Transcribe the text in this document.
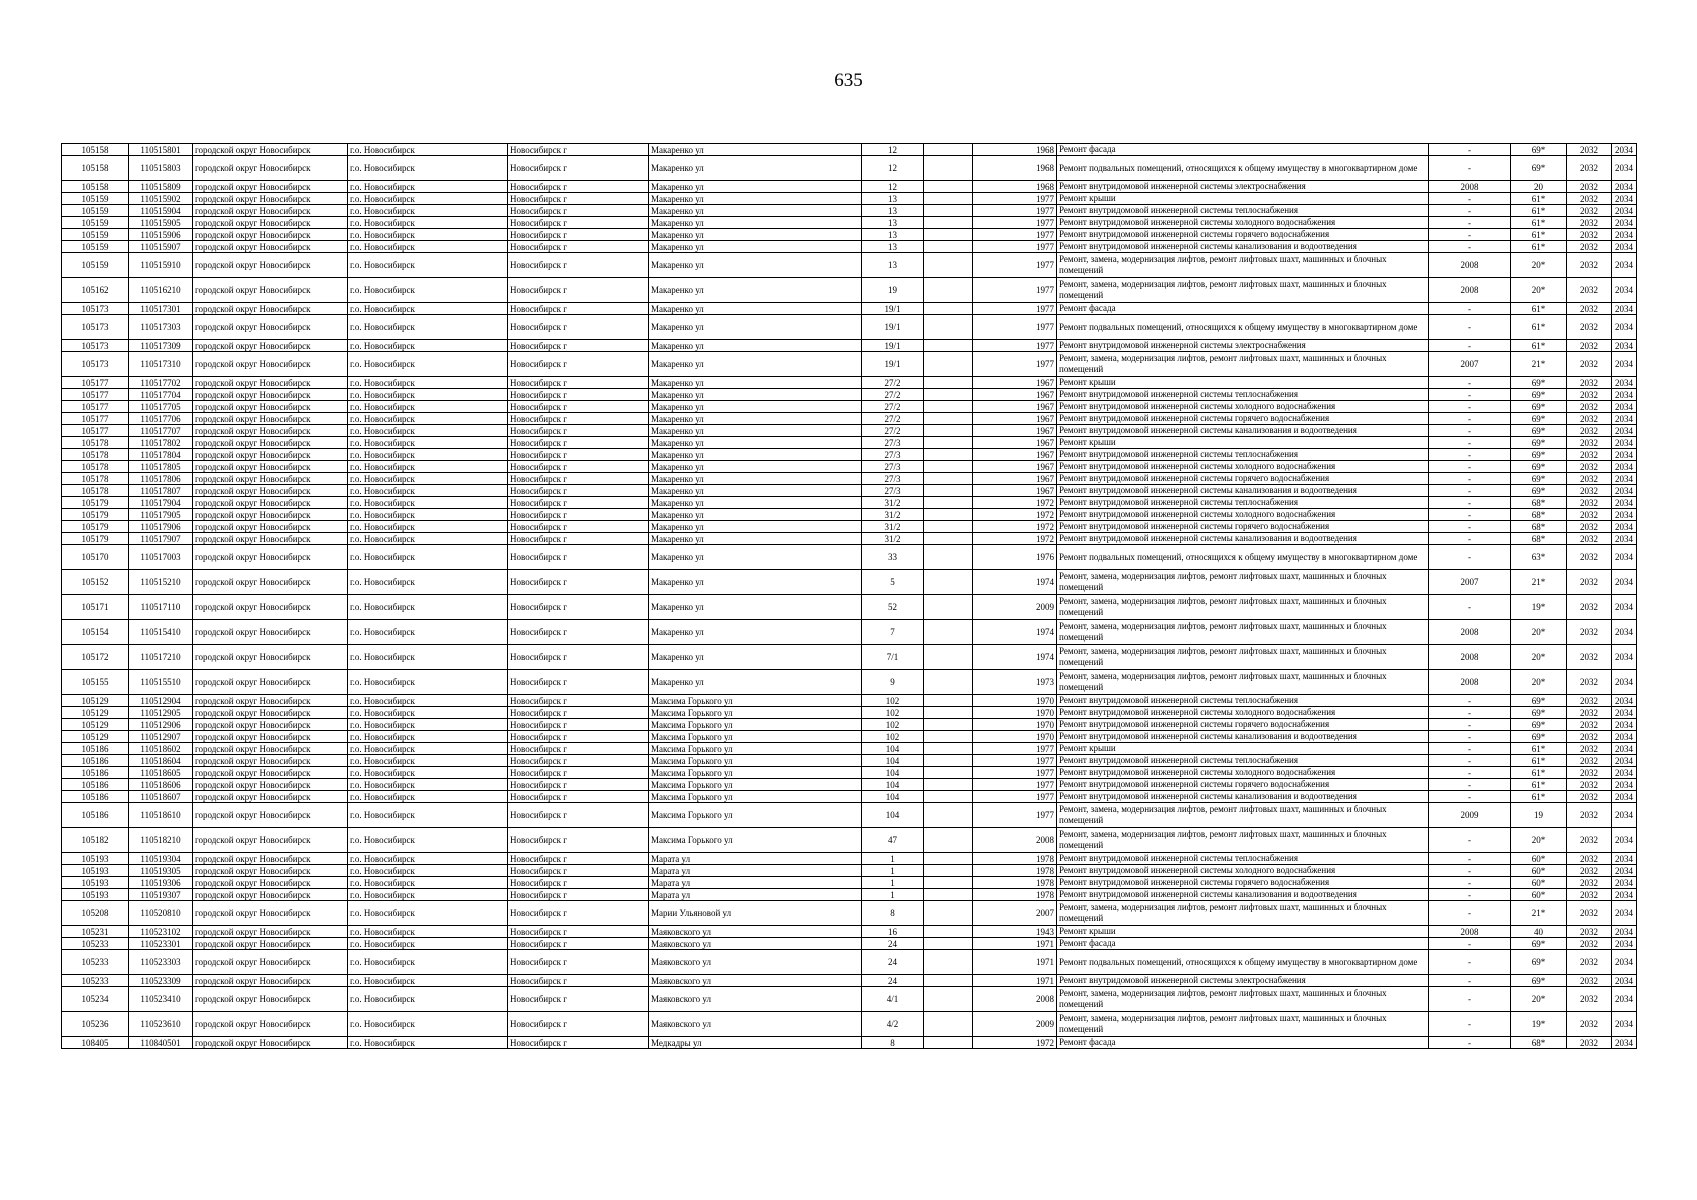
635
105158	110515801	городской округ Новосибирск	г.о. Новосибирск	Новосибирск г	Макаренко ул	12		1968	Ремонт фасада	-	69*	2032	2034
105158	110515803	городской округ Новосибирск	г.о. Новосибирск	Новосибирск г	Макаренко ул	12		1968	Ремонт подвальных помещений, относящихся к общему имуществу в многоквартирном доме	-	69*	2032	2034
105158	110515809	городской округ Новосибирск	г.о. Новосибирск	Новосибирск г	Макаренко ул	12		1968	Ремонт внутридомовой инженерной системы электроснабжения	2008	20	2032	2034
105159	110515902	городской округ Новосибирск	г.о. Новосибирск	Новосибирск г	Макаренко ул	13		1977	Ремонт крыши	-	61*	2032	2034
105159	110515904	городской округ Новосибирск	г.о. Новосибирск	Новосибирск г	Макаренко ул	13		1977	Ремонт внутридомовой инженерной системы теплоснабжения	-	61*	2032	2034
105159	110515905	городской округ Новосибирск	г.о. Новосибирск	Новосибирск г	Макаренко ул	13		1977	Ремонт внутридомовой инженерной системы холодного водоснабжения	-	61*	2032	2034
105159	110515906	городской округ Новосибирск	г.о. Новосибирск	Новосибирск г	Макаренко ул	13		1977	Ремонт внутридомовой инженерной системы горячего водоснабжения	-	61*	2032	2034
105159	110515907	городской округ Новосибирск	г.о. Новосибирск	Новосибирск г	Макаренко ул	13		1977	Ремонт внутридомовой инженерной системы канализования и водоотведения	-	61*	2032	2034
105159	110515910	городской округ Новосибирск	г.о. Новосибирск	Новосибирск г	Макаренко ул	13		1977	Ремонт, замена, модернизация лифтов, ремонт лифтовых шахт, машинных и блочных помещений	2008	20*	2032	2034
105162	110516210	городской округ Новосибирск	г.о. Новосибирск	Новосибирск г	Макаренко ул	19		1977	Ремонт, замена, модернизация лифтов, ремонт лифтовых шахт, машинных и блочных помещений	2008	20*	2032	2034
105173	110517301	городской округ Новосибирск	г.о. Новосибирск	Новосибирск г	Макаренко ул	19/1		1977	Ремонт фасада	-	61*	2032	2034
105173	110517303	городской округ Новосибирск	г.о. Новосибирск	Новосибирск г	Макаренко ул	19/1		1977	Ремонт подвальных помещений, относящихся к общему имуществу в многоквартирном доме	-	61*	2032	2034
105173	110517309	городской округ Новосибирск	г.о. Новосибирск	Новосибирск г	Макаренко ул	19/1		1977	Ремонт внутридомовой инженерной системы электроснабжения	-	61*	2032	2034
105173	110517310	городской округ Новосибирск	г.о. Новосибирск	Новосибирск г	Макаренко ул	19/1		1977	Ремонт, замена, модернизация лифтов, ремонт лифтовых шахт, машинных и блочных помещений	2007	21*	2032	2034
105177	110517702	городской округ Новосибирск	г.о. Новосибирск	Новосибирск г	Макаренко ул	27/2		1967	Ремонт крыши	-	69*	2032	2034
105177	110517704	городской округ Новосибирск	г.о. Новосибирск	Новосибирск г	Макаренко ул	27/2		1967	Ремонт внутридомовой инженерной системы теплоснабжения	-	69*	2032	2034
105177	110517705	городской округ Новосибирск	г.о. Новосибирск	Новосибирск г	Макаренко ул	27/2		1967	Ремонт внутридомовой инженерной системы холодного водоснабжения	-	69*	2032	2034
105177	110517706	городской округ Новосибирск	г.о. Новосибирск	Новосибирск г	Макаренко ул	27/2		1967	Ремонт внутридомовой инженерной системы горячего водоснабжения	-	69*	2032	2034
105177	110517707	городской округ Новосибирск	г.о. Новосибирск	Новосибирск г	Макаренко ул	27/2		1967	Ремонт внутридомовой инженерной системы канализования и водоотведения	-	69*	2032	2034
105178	110517802	городской округ Новосибирск	г.о. Новосибирск	Новосибирск г	Макаренко ул	27/3		1967	Ремонт крыши	-	69*	2032	2034
105178	110517804	городской округ Новосибирск	г.о. Новосибирск	Новосибирск г	Макаренко ул	27/3		1967	Ремонт внутридомовой инженерной системы теплоснабжения	-	69*	2032	2034
105178	110517805	городской округ Новосибирск	г.о. Новосибирск	Новосибирск г	Макаренко ул	27/3		1967	Ремонт внутридомовой инженерной системы холодного водоснабжения	-	69*	2032	2034
105178	110517806	городской округ Новосибирск	г.о. Новосибирск	Новосибирск г	Макаренко ул	27/3		1967	Ремонт внутридомовой инженерной системы горячего водоснабжения	-	69*	2032	2034
105178	110517807	городской округ Новосибирск	г.о. Новосибирск	Новосибирск г	Макаренко ул	27/3		1967	Ремонт внутридомовой инженерной системы канализования и водоотведения	-	69*	2032	2034
105179	110517904	городской округ Новосибирск	г.о. Новосибирск	Новосибирск г	Макаренко ул	31/2		1972	Ремонт внутридомовой инженерной системы теплоснабжения	-	68*	2032	2034
105179	110517905	городской округ Новосибирск	г.о. Новосибирск	Новосибирск г	Макаренко ул	31/2		1972	Ремонт внутридомовой инженерной системы холодного водоснабжения	-	68*	2032	2034
105179	110517906	городской округ Новосибирск	г.о. Новосибирск	Новосибирск г	Макаренко ул	31/2		1972	Ремонт внутридомовой инженерной системы горячего водоснабжения	-	68*	2032	2034
105179	110517907	городской округ Новосибирск	г.о. Новосибирск	Новосибирск г	Макаренко ул	31/2		1972	Ремонт внутридомовой инженерной системы канализования и водоотведения	-	68*	2032	2034
105170	110517003	городской округ Новосибирск	г.о. Новосибирск	Новосибирск г	Макаренко ул	33		1976	Ремонт подвальных помещений, относящихся к общему имуществу в многоквартирном доме	-	63*	2032	2034
105152	110515210	городской округ Новосибирск	г.о. Новосибирск	Новосибирск г	Макаренко ул	5		1974	Ремонт, замена, модернизация лифтов, ремонт лифтовых шахт, машинных и блочных помещений	2007	21*	2032	2034
105171	110517110	городской округ Новосибирск	г.о. Новосибирск	Новосибирск г	Макаренко ул	52		2009	Ремонт, замена, модернизация лифтов, ремонт лифтовых шахт, машинных и блочных помещений	-	19*	2032	2034
105154	110515410	городской округ Новосибирск	г.о. Новосибирск	Новосибирск г	Макаренко ул	7		1974	Ремонт, замена, модернизация лифтов, ремонт лифтовых шахт, машинных и блочных помещений	2008	20*	2032	2034
105172	110517210	городской округ Новосибирск	г.о. Новосибирск	Новосибирск г	Макаренко ул	7/1		1974	Ремонт, замена, модернизация лифтов, ремонт лифтовых шахт, машинных и блочных помещений	2008	20*	2032	2034
105155	110515510	городской округ Новосибирск	г.о. Новосибирск	Новосибирск г	Макаренко ул	9		1973	Ремонт, замена, модернизация лифтов, ремонт лифтовых шахт, машинных и блочных помещений	2008	20*	2032	2034
105129	110512904	городской округ Новосибирск	г.о. Новосибирск	Новосибирск г	Максима Горького ул	102		1970	Ремонт внутридомовой инженерной системы теплоснабжения	-	69*	2032	2034
105129	110512905	городской округ Новосибирск	г.о. Новосибирск	Новосибирск г	Максима Горького ул	102		1970	Ремонт внутридомовой инженерной системы холодного водоснабжения	-	69*	2032	2034
105129	110512906	городской округ Новосибирск	г.о. Новосибирск	Новосибирск г	Максима Горького ул	102		1970	Ремонт внутридомовой инженерной системы горячего водоснабжения	-	69*	2032	2034
105129	110512907	городской округ Новосибирск	г.о. Новосибирск	Новосибирск г	Максима Горького ул	102		1970	Ремонт внутридомовой инженерной системы канализования и водоотведения	-	69*	2032	2034
105186	110518602	городской округ Новосибирск	г.о. Новосибирск	Новосибирск г	Максима Горького ул	104		1977	Ремонт крыши	-	61*	2032	2034
105186	110518604	городской округ Новосибирск	г.о. Новосибирск	Новосибирск г	Максима Горького ул	104		1977	Ремонт внутридомовой инженерной системы теплоснабжения	-	61*	2032	2034
105186	110518605	городской округ Новосибирск	г.о. Новосибирск	Новосибирск г	Максима Горького ул	104		1977	Ремонт внутридомовой инженерной системы холодного водоснабжения	-	61*	2032	2034
105186	110518606	городской округ Новосибирск	г.о. Новосибирск	Новосибирск г	Максима Горького ул	104		1977	Ремонт внутридомовой инженерной системы горячего водоснабжения	-	61*	2032	2034
105186	110518607	городской округ Новосибирск	г.о. Новосибирск	Новосибирск г	Максима Горького ул	104		1977	Ремонт внутридомовой инженерной системы канализования и водоотведения	-	61*	2032	2034
105186	110518610	городской округ Новосибирск	г.о. Новосибирск	Новосибирск г	Максима Горького ул	104		1977	Ремонт, замена, модернизация лифтов, ремонт лифтовых шахт, машинных и блочных помещений	2009	19	2032	2034
105182	110518210	городской округ Новосибирск	г.о. Новосибирск	Новосибирск г	Максима Горького ул	47		2008	Ремонт, замена, модернизация лифтов, ремонт лифтовых шахт, машинных и блочных помещений	-	20*	2032	2034
105193	110519304	городской округ Новосибирск	г.о. Новосибирск	Новосибирск г	Марата ул	1		1978	Ремонт внутридомовой инженерной системы теплоснабжения	-	60*	2032	2034
105193	110519305	городской округ Новосибирск	г.о. Новосибирск	Новосибирск г	Марата ул	1		1978	Ремонт внутридомовой инженерной системы холодного водоснабжения	-	60*	2032	2034
105193	110519306	городской округ Новосибирск	г.о. Новосибирск	Новосибирск г	Марата ул	1		1978	Ремонт внутридомовой инженерной системы горячего водоснабжения	-	60*	2032	2034
105193	110519307	городской округ Новосибирск	г.о. Новосибирск	Новосибирск г	Марата ул	1		1978	Ремонт внутридомовой инженерной системы канализования и водоотведения	-	60*	2032	2034
105208	110520810	городской округ Новосибирск	г.о. Новосибирск	Новосибирск г	Марии Ульяновой ул	8		2007	Ремонт, замена, модернизация лифтов, ремонт лифтовых шахт, машинных и блочных помещений	-	21*	2032	2034
105231	110523102	городской округ Новосибирск	г.о. Новосибирск	Новосибирск г	Маяковского ул	16		1943	Ремонт крыши	2008	40	2032	2034
105233	110523301	городской округ Новосибирск	г.о. Новосибирск	Новосибирск г	Маяковского ул	24		1971	Ремонт фасада	-	69*	2032	2034
105233	110523303	городской округ Новосибирск	г.о. Новосибирск	Новосибирск г	Маяковского ул	24		1971	Ремонт подвальных помещений, относящихся к общему имуществу в многоквартирном доме	-	69*	2032	2034
105233	110523309	городской округ Новосибирск	г.о. Новосибирск	Новосибирск г	Маяковского ул	24		1971	Ремонт внутридомовой инженерной системы электроснабжения	-	69*	2032	2034
105234	110523410	городской округ Новосибирск	г.о. Новосибирск	Новосибирск г	Маяковского ул	4/1		2008	Ремонт, замена, модернизация лифтов, ремонт лифтовых шахт, машинных и блочных помещений	-	20*	2032	2034
105236	110523610	городской округ Новосибирск	г.о. Новосибирск	Новосибирск г	Маяковского ул	4/2		2009	Ремонт, замена, модернизация лифтов, ремонт лифтовых шахт, машинных и блочных помещений	-	19*	2032	2034
108405	110840501	городской округ Новосибирск	г.о. Новосибирск	Новосибирск г	Медкадры ул	8		1972	Ремонт фасада	-	68*	2032	2034
